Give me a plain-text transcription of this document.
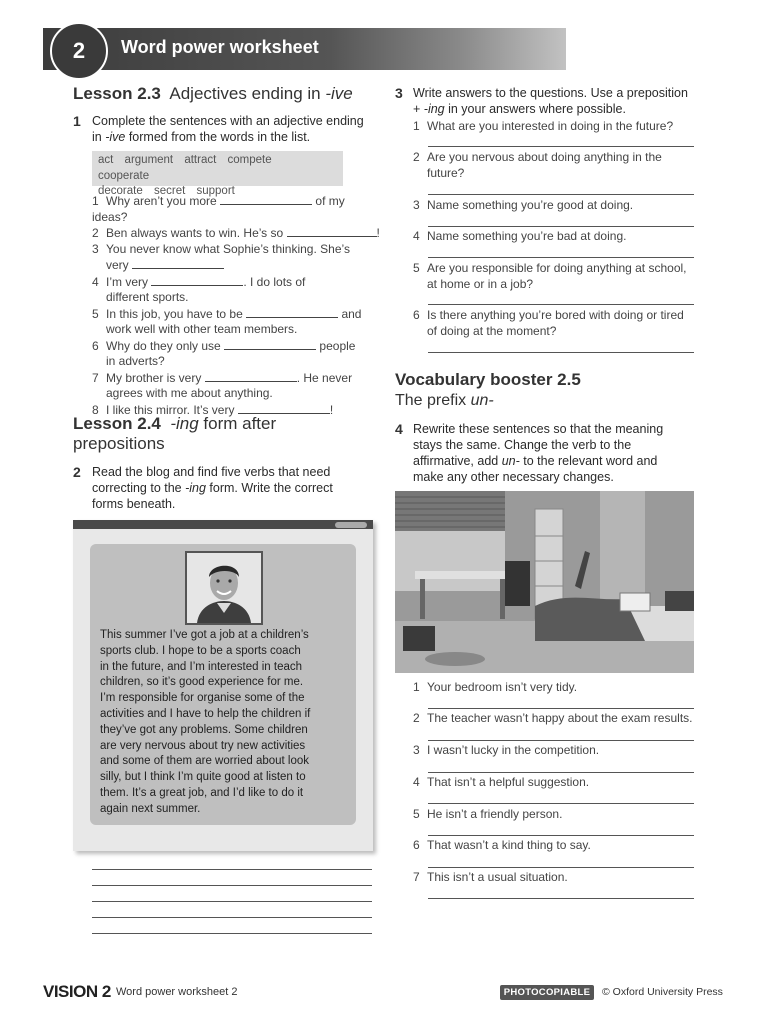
2	Word power worksheet
Lesson 2.3 Adjectives ending in -ive
1 Complete the sentences with an adjective ending
in -ive formed from the words in the list.
act argument attract compete cooperate
decorate secret support
1 Why aren’t you more	of my ideas?
2 Ben always wants to win. He’s so	!
3 You never know what Sophie’s thinking. She’s
very
4 I’m very	. I do lots of
different sports.
5 In this job, you have to be	and
work well with other team members.
6 Why do they only use	people
in adverts?
7 My brother is very	. He never
agrees with me about anything.
8 I like this mirror. It’s very	!
Lesson 2.4 -ing form after
prepositions
2 Read the blog and find five verbs that need
correcting to the -ing form. Write the correct
forms beneath.
This summer I’ve got a job at a children’s
sports club. I hope to be a sports coach
in the future, and I’m interested in teach
children, so it’s good experience for me.
I’m responsible for organise some of the
activities and I have to help the children if
they’ve got any problems. Some children
are very nervous about try new activities
and some of them are worried about look
silly, but I think I’m quite good at listen to
them. It’s a great job, and I’d like to do it
again next summer.
3 Write answers to the questions. Use a preposition
+ -ing in your answers where possible.
1 What are you interested in doing in the future?
2 Are you nervous about doing anything in the
future?
3 Name something you’re good at doing.
4 Name something you’re bad at doing.
5 Are you responsible for doing anything at school,
at home or in a job?
6 Is there anything you’re bored with doing or tired
of doing at the moment?
Vocabulary booster 2.5
The prefix un-
4 Rewrite these sentences so that the meaning
stays the same. Change the verb to the
affirmative, add un- to the relevant word and
make any other necessary changes.
1 Your bedroom isn’t very tidy.
2 The teacher wasn’t happy about the exam results.
3 I wasn’t lucky in the competition.
4 That isn’t a helpful suggestion.
5 He isn’t a friendly person.
6 That wasn’t a kind thing to say.
7 This isn’t a usual situation.
VISION 2 Word power worksheet 2	PHOTOCOPIABLE	© Oxford University Press
